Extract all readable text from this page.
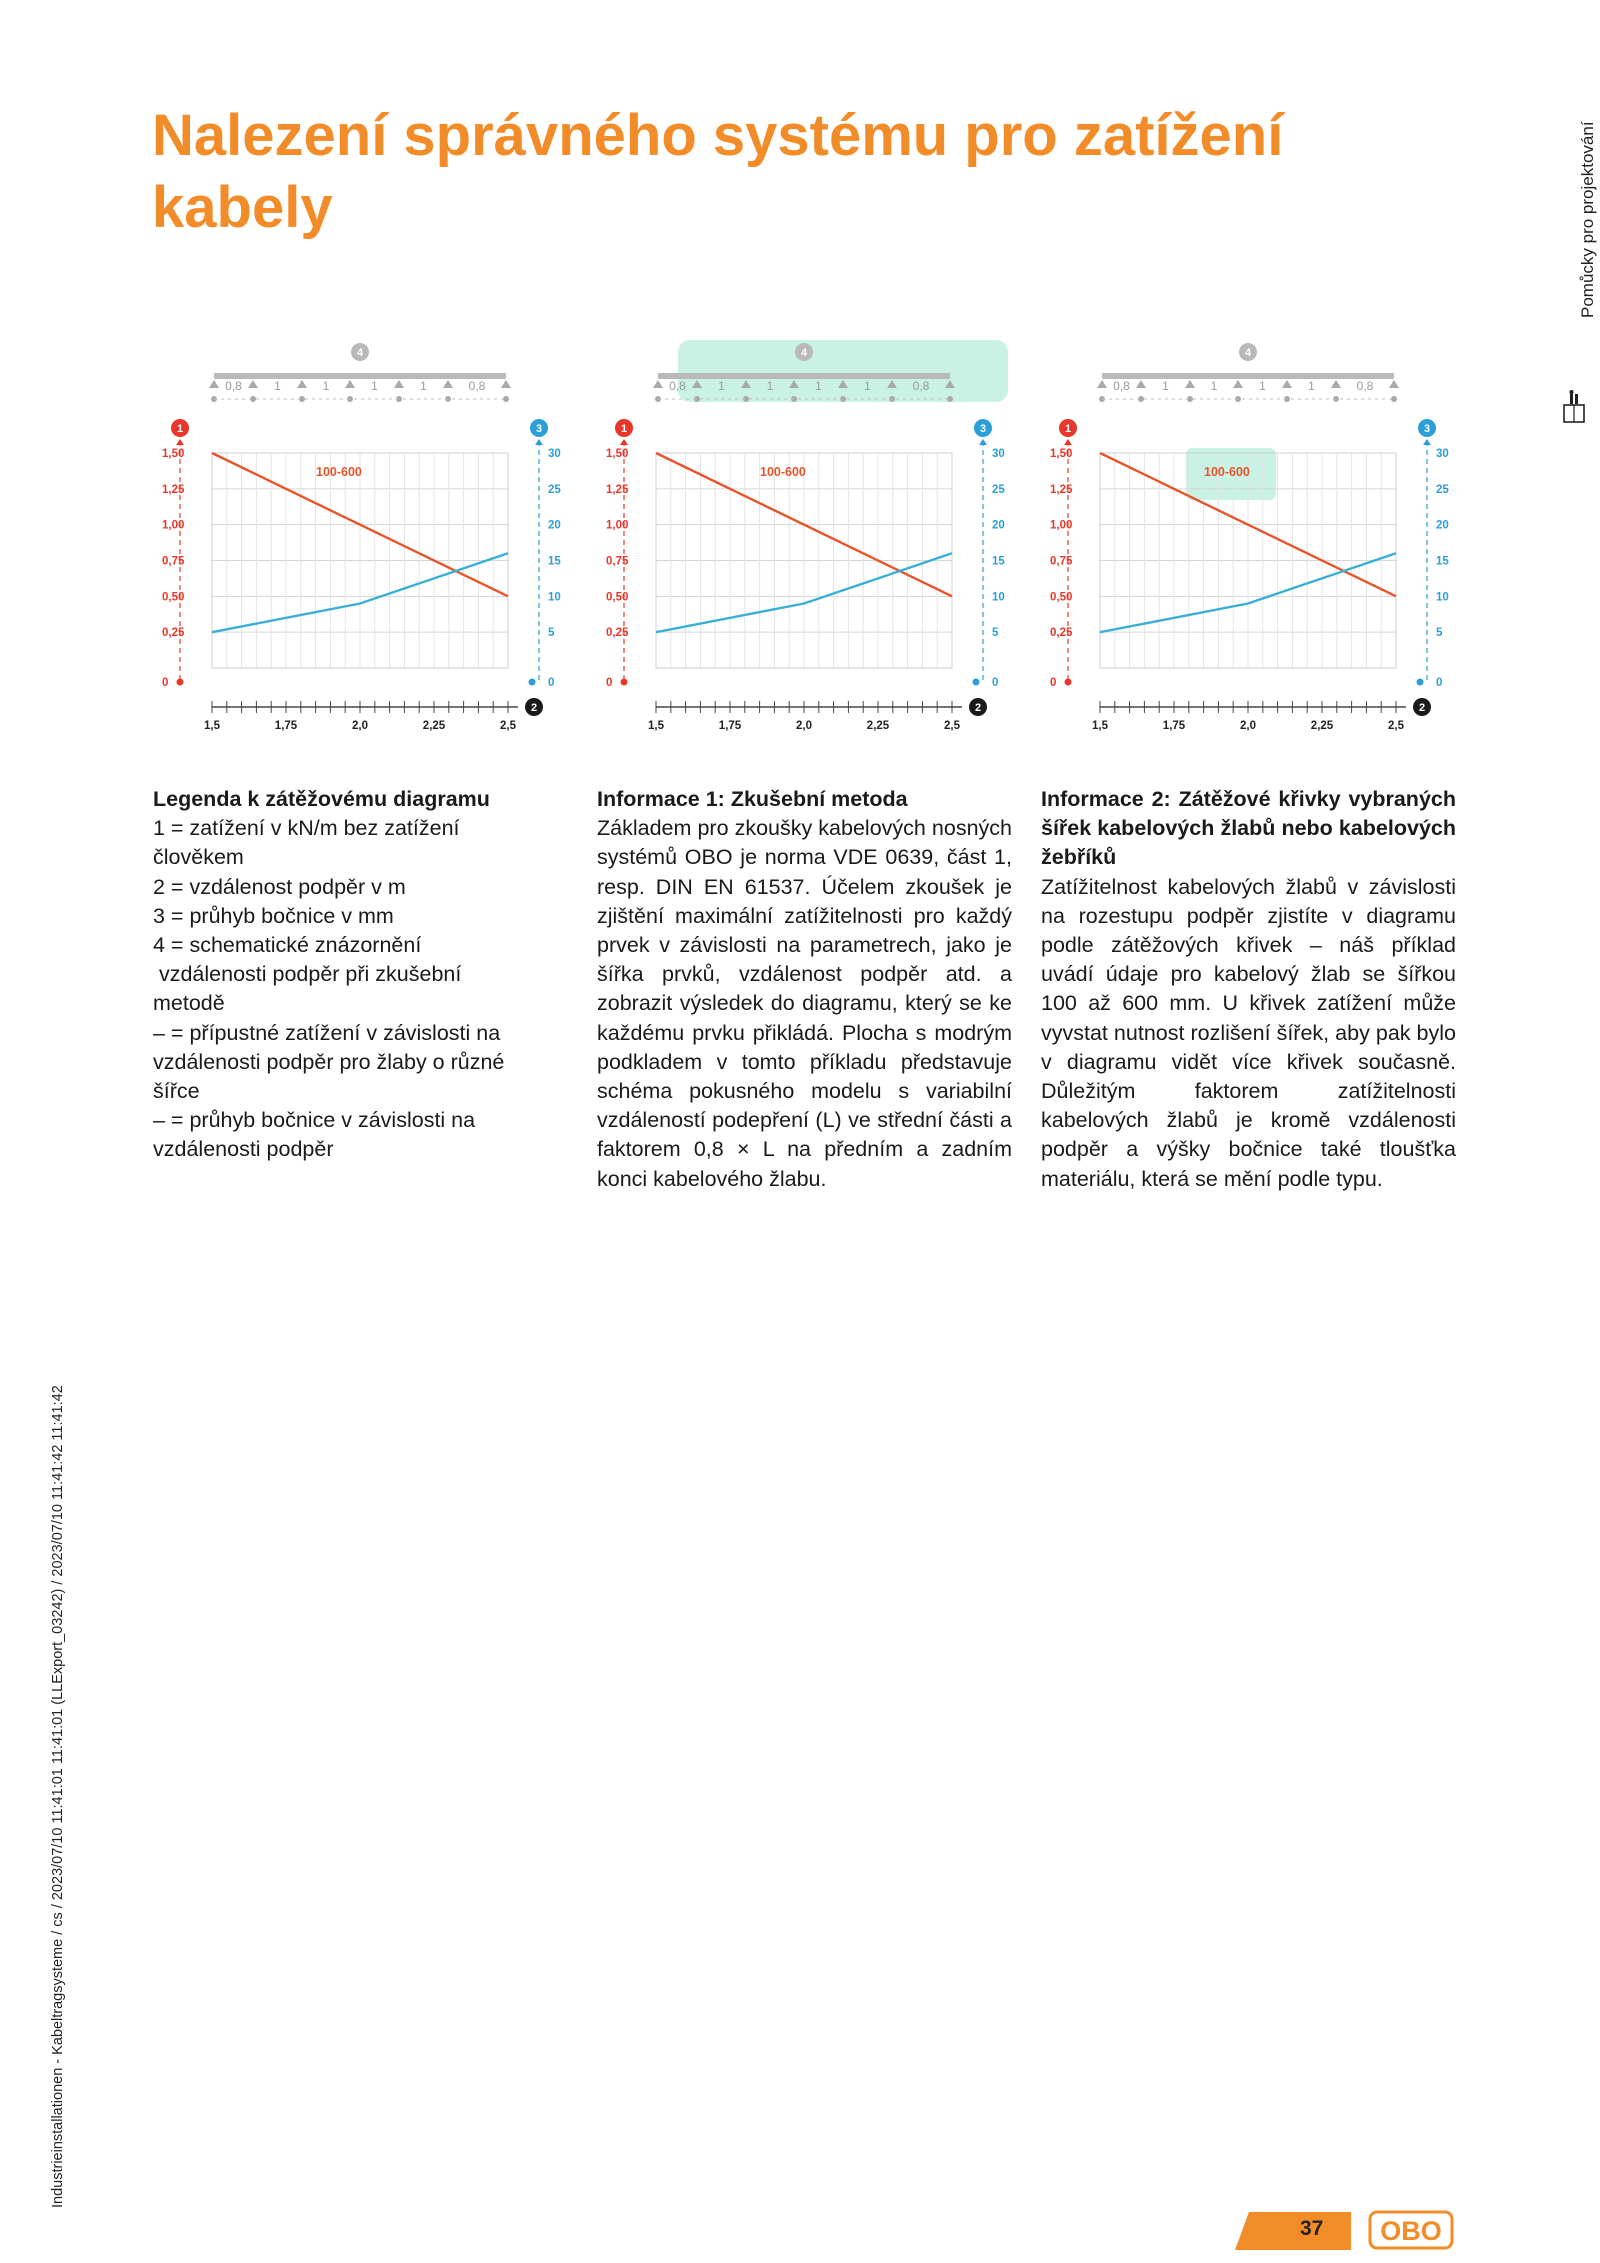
Nalezení správného systému pro zatížení kabely	Pomůcky pro projektování
Industrieinstallationen - Kabeltragsysteme / cs / 2023/07/10 11:41:01 11:41:01 (LLExport_03242) / 2023/07/10 11:41:42 11:41:42
0,8	1	1	1	1	0,8
4
1
0
0,25
0,50
0,75
1,00
1,25
1,50
3
0
5
10
15
20
25
30
2
1,5	1,75	2,0	2,25	2,5
100-600
0,8	1	1	1	1	0,8
4
1
0
0,25
0,50
0,75
1,00
1,25
1,50
3
0
5
10
15
20
25
30
2
1,5	1,75	2,0	2,25	2,5
100-600
0,8	1	1	1	1	0,8
4
1
0
0,25
0,50
0,75
1,00
1,25
1,50
3
0
5
10
15
20
25
30
2
1,5	1,75	2,0	2,25	2,5
100-600

Legenda k zátěžovému diagramu

1 = zatížení v kN/m bez zatížení

člověkem

2 = vzdálenost podpěr v m

3 = průhyb bočnice v mm

4 = schematické znázornění

vzdálenosti podpěr při zkušební

metodě

– = přípustné zatížení v závislosti na

vzdálenosti podpěr pro žlaby o různé

šířce

– = průhyb bočnice v závislosti na

vzdálenosti podpěr

Informace 1: Zkušební metoda

Základem pro zkoušky kabelových nosných systémů OBO je norma VDE 0639, část 1, resp. DIN EN 61537. Účelem zkoušek je zjištění maximální zatížitelnosti pro každý prvek v závislosti na parametrech, jako je šířka prvků, vzdálenost podpěr atd. a zobrazit výsledek do diagramu, který se ke každému prvku přikládá. Plocha s modrým podkladem v tomto příkladu představuje schéma pokusného modelu s variabilní vzdáleností podepření (L) ve střední části a faktorem 0,8 × L na předním a zadním konci kabelového žlabu.

Informace 2: Zátěžové křivky vybraných šířek kabelových žlabů nebo kabelových žebříků

Zatížitelnost kabelových žlabů v závislosti na rozestupu podpěr zjistíte v diagramu podle zátěžových křivek – náš příklad uvádí údaje pro kabelový žlab se šířkou 100 až 600 mm. U křivek zatížení může vyvstat nutnost rozlišení šířek, aby pak bylo v diagramu vidět více křivek současně. Důležitým faktorem zatížitelnosti kabelových žlabů je kromě vzdálenosti podpěr a výšky bočnice také tloušťka materiálu, která se mění podle typu.

37 OBO
